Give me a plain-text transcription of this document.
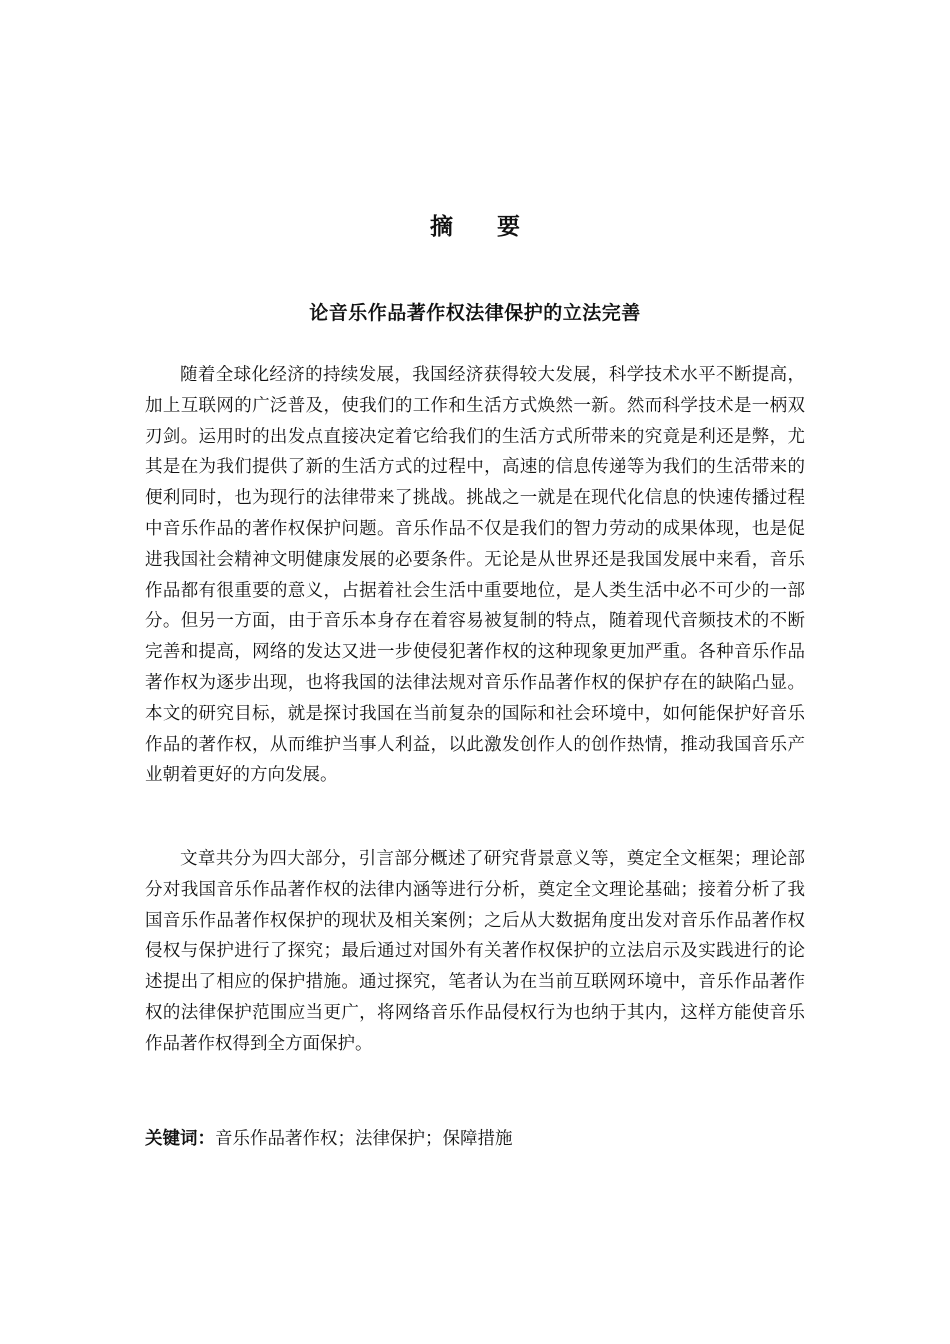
摘要
论音乐作品著作权法律保护的立法完善

随着全球化经济的持续发展，我国经济获得较大发展，科学技术水平不断提高，加上互联网的广泛普及，使我们的工作和生活方式焕然一新。然而科学技术是一柄双刃剑。运用时的出发点直接决定着它给我们的生活方式所带来的究竟是利还是弊，尤其是在为我们提供了新的生活方式的过程中，高速的信息传递等为我们的生活带来的便利同时，也为现行的法律带来了挑战。挑战之一就是在现代化信息的快速传播过程中音乐作品的著作权保护问题。音乐作品不仅是我们的智力劳动的成果体现，也是促进我国社会精神文明健康发展的必要条件。无论是从世界还是我国发展中来看，音乐作品都有很重要的意义，占据着社会生活中重要地位，是人类生活中必不可少的一部分。但另一方面，由于音乐本身存在着容易被复制的特点，随着现代音频技术的不断完善和提高，网络的发达又进一步使侵犯著作权的这种现象更加严重。各种音乐作品著作权为逐步出现，也将我国的法律法规对音乐作品著作权的保护存在的缺陷凸显。本文的研究目标，就是探讨我国在当前复杂的国际和社会环境中，如何能保护好音乐作品的著作权，从而维护当事人利益，以此激发创作人的创作热情，推动我国音乐产业朝着更好的方向发展。

文章共分为四大部分，引言部分概述了研究背景意义等，奠定全文框架；理论部分对我国音乐作品著作权的法律内涵等进行分析，奠定全文理论基础；接着分析了我国音乐作品著作权保护的现状及相关案例；之后从大数据角度出发对音乐作品著作权侵权与保护进行了探究；最后通过对国外有关著作权保护的立法启示及实践进行的论述提出了相应的保护措施。通过探究，笔者认为在当前互联网环境中，音乐作品著作权的法律保护范围应当更广，将网络音乐作品侵权行为也纳于其内，这样方能使音乐作品著作权得到全方面保护。

关键词：音乐作品著作权；法律保护；保障措施
